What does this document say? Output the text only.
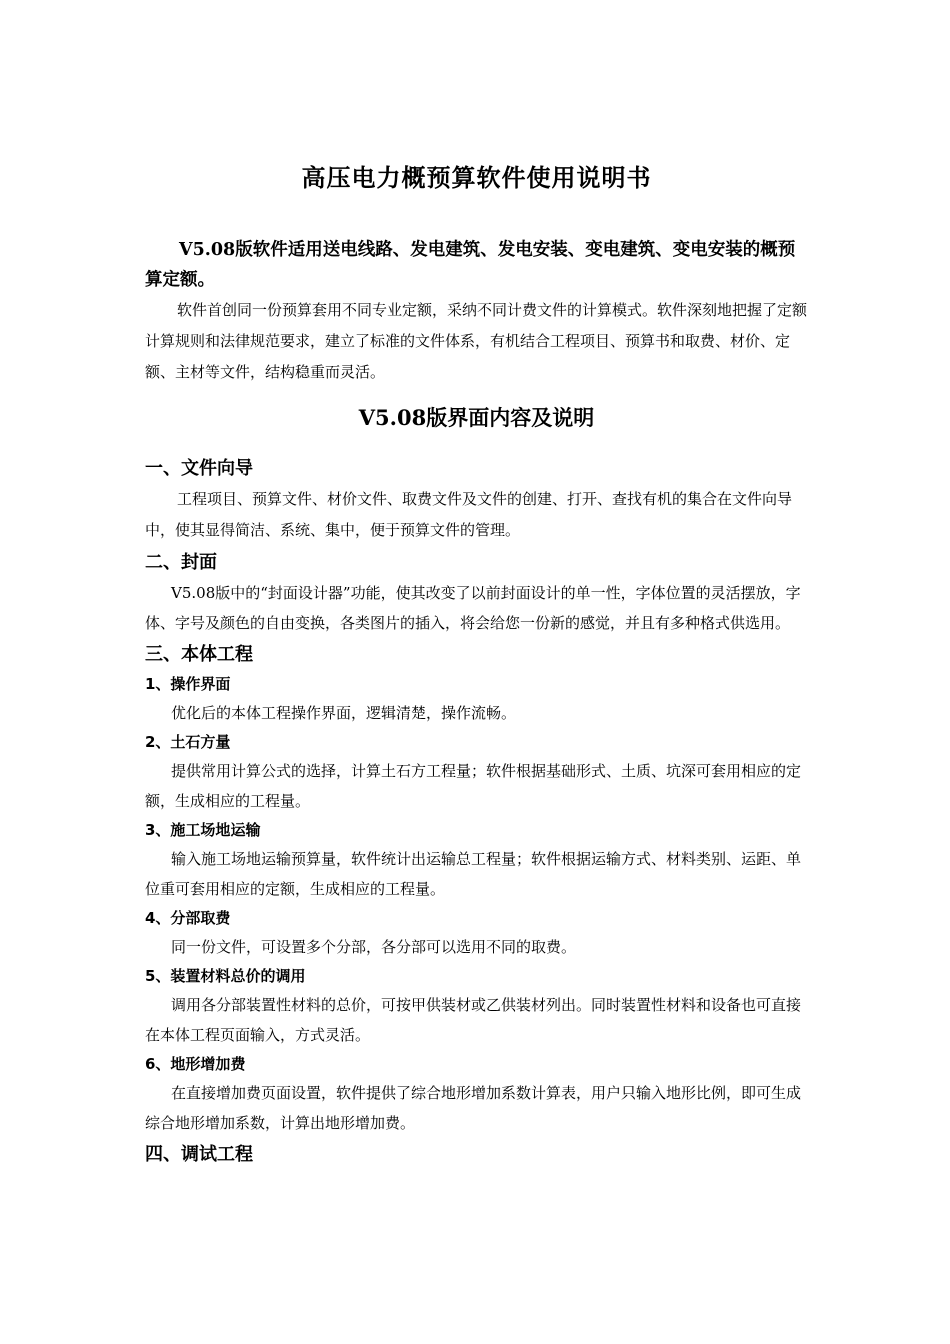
高压电力概预算软件使用说明书

V5.08版软件适用送电线路、发电建筑、发电安装、变电建筑、变电安装的概预算定额。

软件首创同一份预算套用不同专业定额，采纳不同计费文件的计算模式。软件深刻地把握了定额计算规则和法律规范要求，建立了标准的文件体系，有机结合工程项目、预算书和取费、材价、定额、主材等文件，结构稳重而灵活。

V5.08版界面内容及说明
一、文件向导

工程项目、预算文件、材价文件、取费文件及文件的创建、打开、查找有机的集合在文件向导中，使其显得简洁、系统、集中，便于预算文件的管理。

二、封面

V5.08版中的“封面设计器”功能，使其改变了以前封面设计的单一性，字体位置的灵活摆放，字体、字号及颜色的自由变换，各类图片的插入，将会给您一份新的感觉，并且有多种格式供选用。

三、本体工程
1、操作界面

优化后的本体工程操作界面，逻辑清楚，操作流畅。

2、土石方量

提供常用计算公式的选择，计算土石方工程量；软件根据基础形式、土质、坑深可套用相应的定额，生成相应的工程量。

3、施工场地运输

输入施工场地运输预算量，软件统计出运输总工程量；软件根据运输方式、材料类别、运距、单位重可套用相应的定额，生成相应的工程量。

4、分部取费

同一份文件，可设置多个分部，各分部可以选用不同的取费。

5、装置材料总价的调用

调用各分部装置性材料的总价，可按甲供装材或乙供装材列出。同时装置性材料和设备也可直接在本体工程页面输入，方式灵活。

6、地形增加费

在直接增加费页面设置，软件提供了综合地形增加系数计算表，用户只输入地形比例，即可生成综合地形增加系数，计算出地形增加费。

四、调试工程
